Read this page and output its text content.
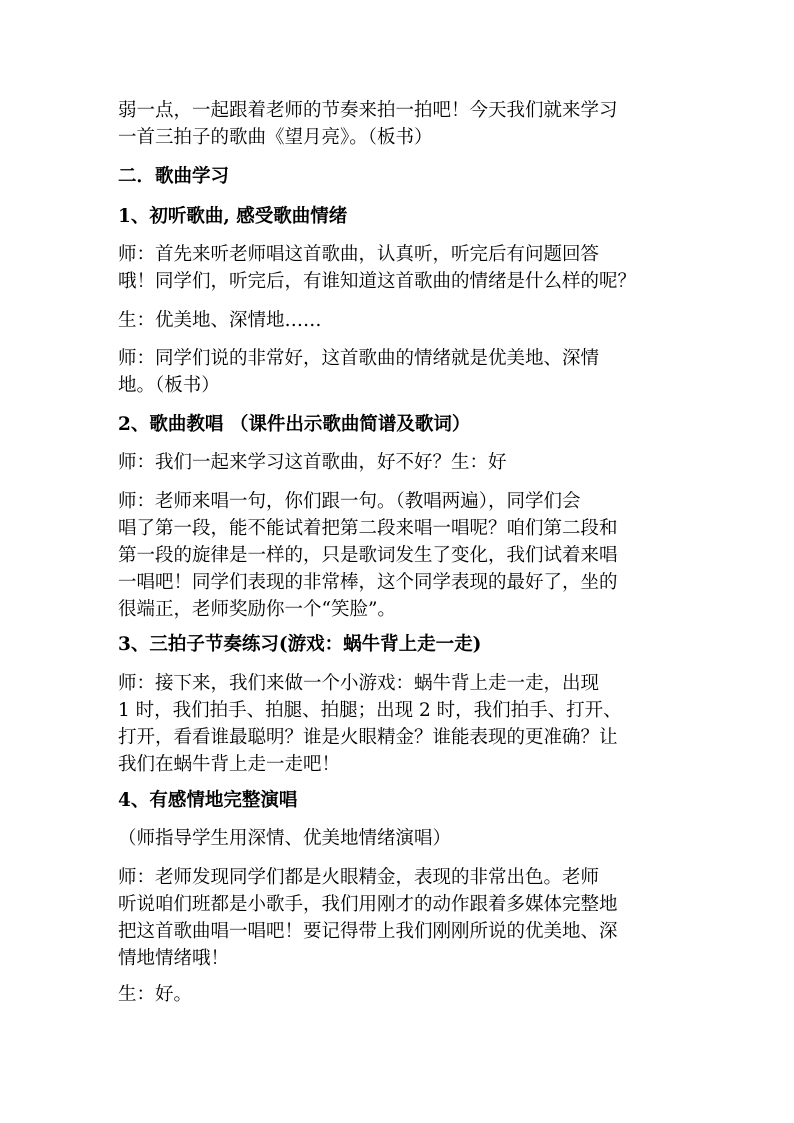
弱一点，一起跟着老师的节奏来拍一拍吧！今天我们就来学习
一首三拍子的歌曲《望月亮》。（板书）

二．歌曲学习

1、初听歌曲, 感受歌曲情绪

师：首先来听老师唱这首歌曲，认真听，听完后有问题回答
哦！同学们，听完后，有谁知道这首歌曲的情绪是什么样的呢？

生：优美地、深情地……

师：同学们说的非常好，这首歌曲的情绪就是优美地、深情
地。（板书）

2、歌曲教唱 （课件出示歌曲简谱及歌词）

师：我们一起来学习这首歌曲，好不好？生：好

师：老师来唱一句，你们跟一句。（教唱两遍），同学们会
唱了第一段，能不能试着把第二段来唱一唱呢？咱们第二段和
第一段的旋律是一样的，只是歌词发生了变化，我们试着来唱
一唱吧！同学们表现的非常棒，这个同学表现的最好了，坐的
很端正，老师奖励你一个“笑脸”。

3、三拍子节奏练习(游戏：蜗牛背上走一走)

师：接下来，我们来做一个小游戏：蜗牛背上走一走，出现
1 时，我们拍手、拍腿、拍腿；出现 2 时，我们拍手、打开、
打开，看看谁最聪明？谁是火眼精金？谁能表现的更准确？让
我们在蜗牛背上走一走吧！

4、有感情地完整演唱

（师指导学生用深情、优美地情绪演唱）

师：老师发现同学们都是火眼精金，表现的非常出色。老师
听说咱们班都是小歌手，我们用刚才的动作跟着多媒体完整地
把这首歌曲唱一唱吧！要记得带上我们刚刚所说的优美地、深
情地情绪哦！

生：好。
